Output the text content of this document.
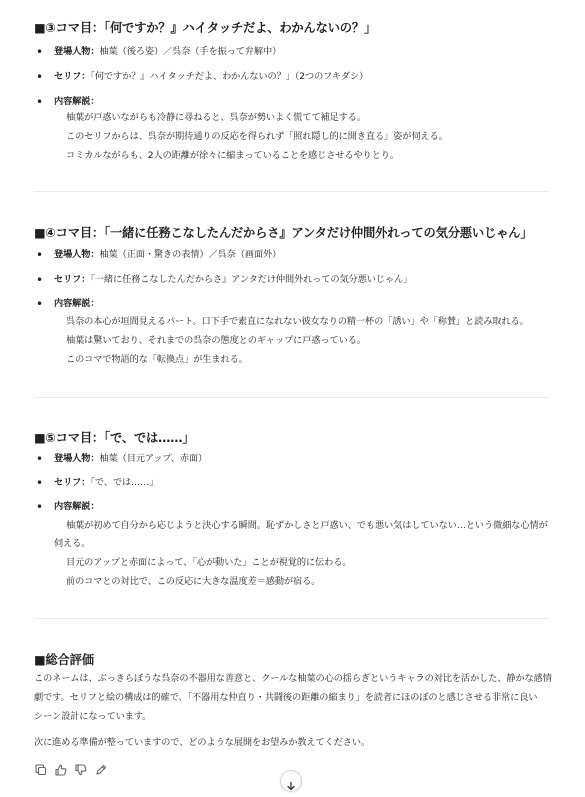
■③コマ目：「何ですか？』ハイタッチだよ、わかんないの？」
• 登場人物：柚葉（後ろ姿）／呉奈（手を振って弁解中）
• セリフ：「何ですか？』ハイタッチだよ、わかんないの？」（2つのフキダシ）
• 内容解説：
柚葉が戸惑いながらも冷静に尋ねると、呉奈が勢いよく慌てて補足する。
このセリフからは、呉奈が期待通りの反応を得られず「照れ隠し的に開き直る」姿が伺える。
コミカルながらも、2人の距離が徐々に縮まっていることを感じさせるやりとり。
■④コマ目：「一緒に任務こなしたんだからさ』アンタだけ仲間外れっての気分悪いじゃん」
• 登場人物：柚葉（正面・驚きの表情）／呉奈（画面外）
• セリフ：「一緒に任務こなしたんだからさ』アンタだけ仲間外れっての気分悪いじゃん」
• 内容解説：
呉奈の本心が垣間見えるパート。口下手で素直になれない彼女なりの精一杯の「誘い」や「称賛」と読み取れる。
柚葉は驚いており、それまでの呉奈の態度とのギャップに戸惑っている。
このコマで物語的な「転換点」が生まれる。
■⑤コマ目：「で、では……」
• 登場人物：柚葉（目元アップ、赤面）
• セリフ：「で、では……」
• 内容解説：
柚葉が初めて自分から応じようと決心する瞬間。恥ずかしさと戸惑い、でも悪い気はしていない…という微細な心情が
伺える。
目元のアップと赤面によって、「心が動いた」ことが視覚的に伝わる。
前のコマとの対比で、この反応に大きな温度差＝感動が宿る。
■総合評価
このネームは、ぶっきらぼうな呉奈の不器用な善意と、クールな柚葉の心の揺らぎというキャラの対比を活かした、静かな感情
劇です。セリフと絵の構成は的確で、「不器用な仲直り・共闘後の距離の縮まり」を読者にほのぼのと感じさせる非常に良い
シーン設計になっています。
次に進める準備が整っていますので、どのような展開をお望みか教えてください。
